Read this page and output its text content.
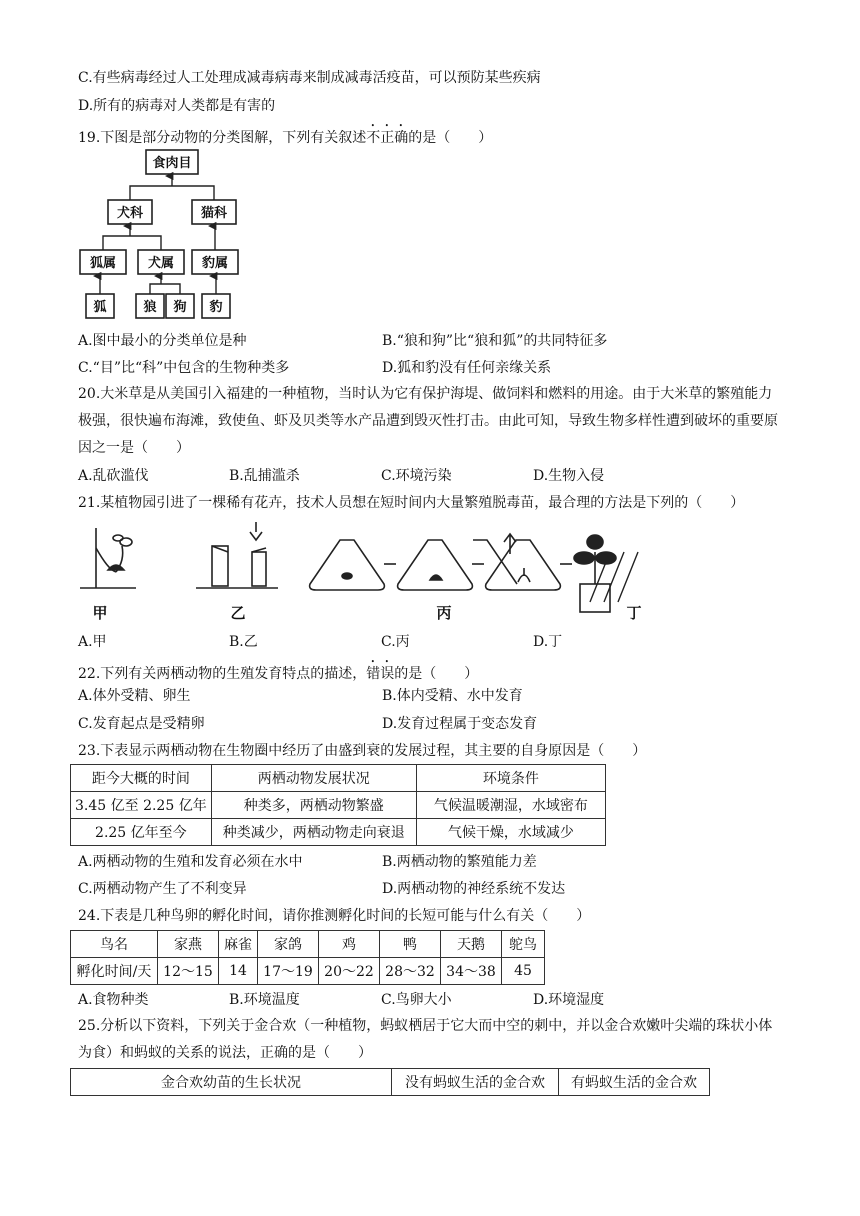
C.有些病毒经过人工处理成减毒病毒来制成减毒活疫苗，可以预防某些疾病
D.所有的病毒对人类都是有害的
19.下图是部分动物的分类图解，下列有关叙述不正确的是（　　）
食肉目
犬科	猫科
狐属 犬属 豹属
狐	狼 狗 豹
A.图中最小的分类单位是种	B.“狼和狗”比“狼和狐”的共同特征多
C.“目”比“科”中包含的生物种类多	D.狐和豹没有任何亲缘关系
20.大米草是从美国引入福建的一种植物，当时认为它有保护海堤、做饲料和燃料的用途。由于大米草的繁殖能力极强，很快遍布海滩，致使鱼、虾及贝类等水产品遭到毁灭性打击。由此可知，导致生物多样性遭到破坏的重要原因之一是（　　）
A.乱砍滥伐	B.乱捕滥杀	C.环境污染	D.生物入侵
21.某植物园引进了一棵稀有花卉，技术人员想在短时间内大量繁殖脱毒苗，最合理的方法是下列的（　　）
甲	乙	丙	丁
A.甲	B.乙	C.丙	D.丁
22.下列有关两栖动物的生殖发育特点的描述，错误的是（　　）
A.体外受精、卵生	B.体内受精、水中发育
C.发育起点是受精卵	D.发育过程属于变态发育
23.下表显示两栖动物在生物圈中经历了由盛到衰的发展过程，其主要的自身原因是（　　）
距今大概的时间	两栖动物发展状况	环境条件
3.45 亿至 2.25 亿年	种类多，两栖动物繁盛	气候温暖潮湿，水域密布
2.25 亿年至今	种类减少，两栖动物走向衰退	气候干燥，水域减少
A.两栖动物的生殖和发育必须在水中	B.两栖动物的繁殖能力差
C.两栖动物产生了不利变异	D.两栖动物的神经系统不发达
24.下表是几种鸟卵的孵化时间，请你推测孵化时间的长短可能与什么有关（　　）
鸟名	家燕	麻雀	家鸽	鸡	鸭	天鹅	鸵鸟
孵化时间/天	12～15	14	17～19	20～22	28～32	34～38	45
A.食物种类	B.环境温度	C.鸟卵大小	D.环境湿度
25.分析以下资料，下列关于金合欢（一种植物，蚂蚁栖居于它大而中空的刺中，并以金合欢嫩叶尖端的珠状小体为食）和蚂蚁的关系的说法，正确的是（　　）
金合欢幼苗的生长状况	没有蚂蚁生活的金合欢	有蚂蚁生活的金合欢
